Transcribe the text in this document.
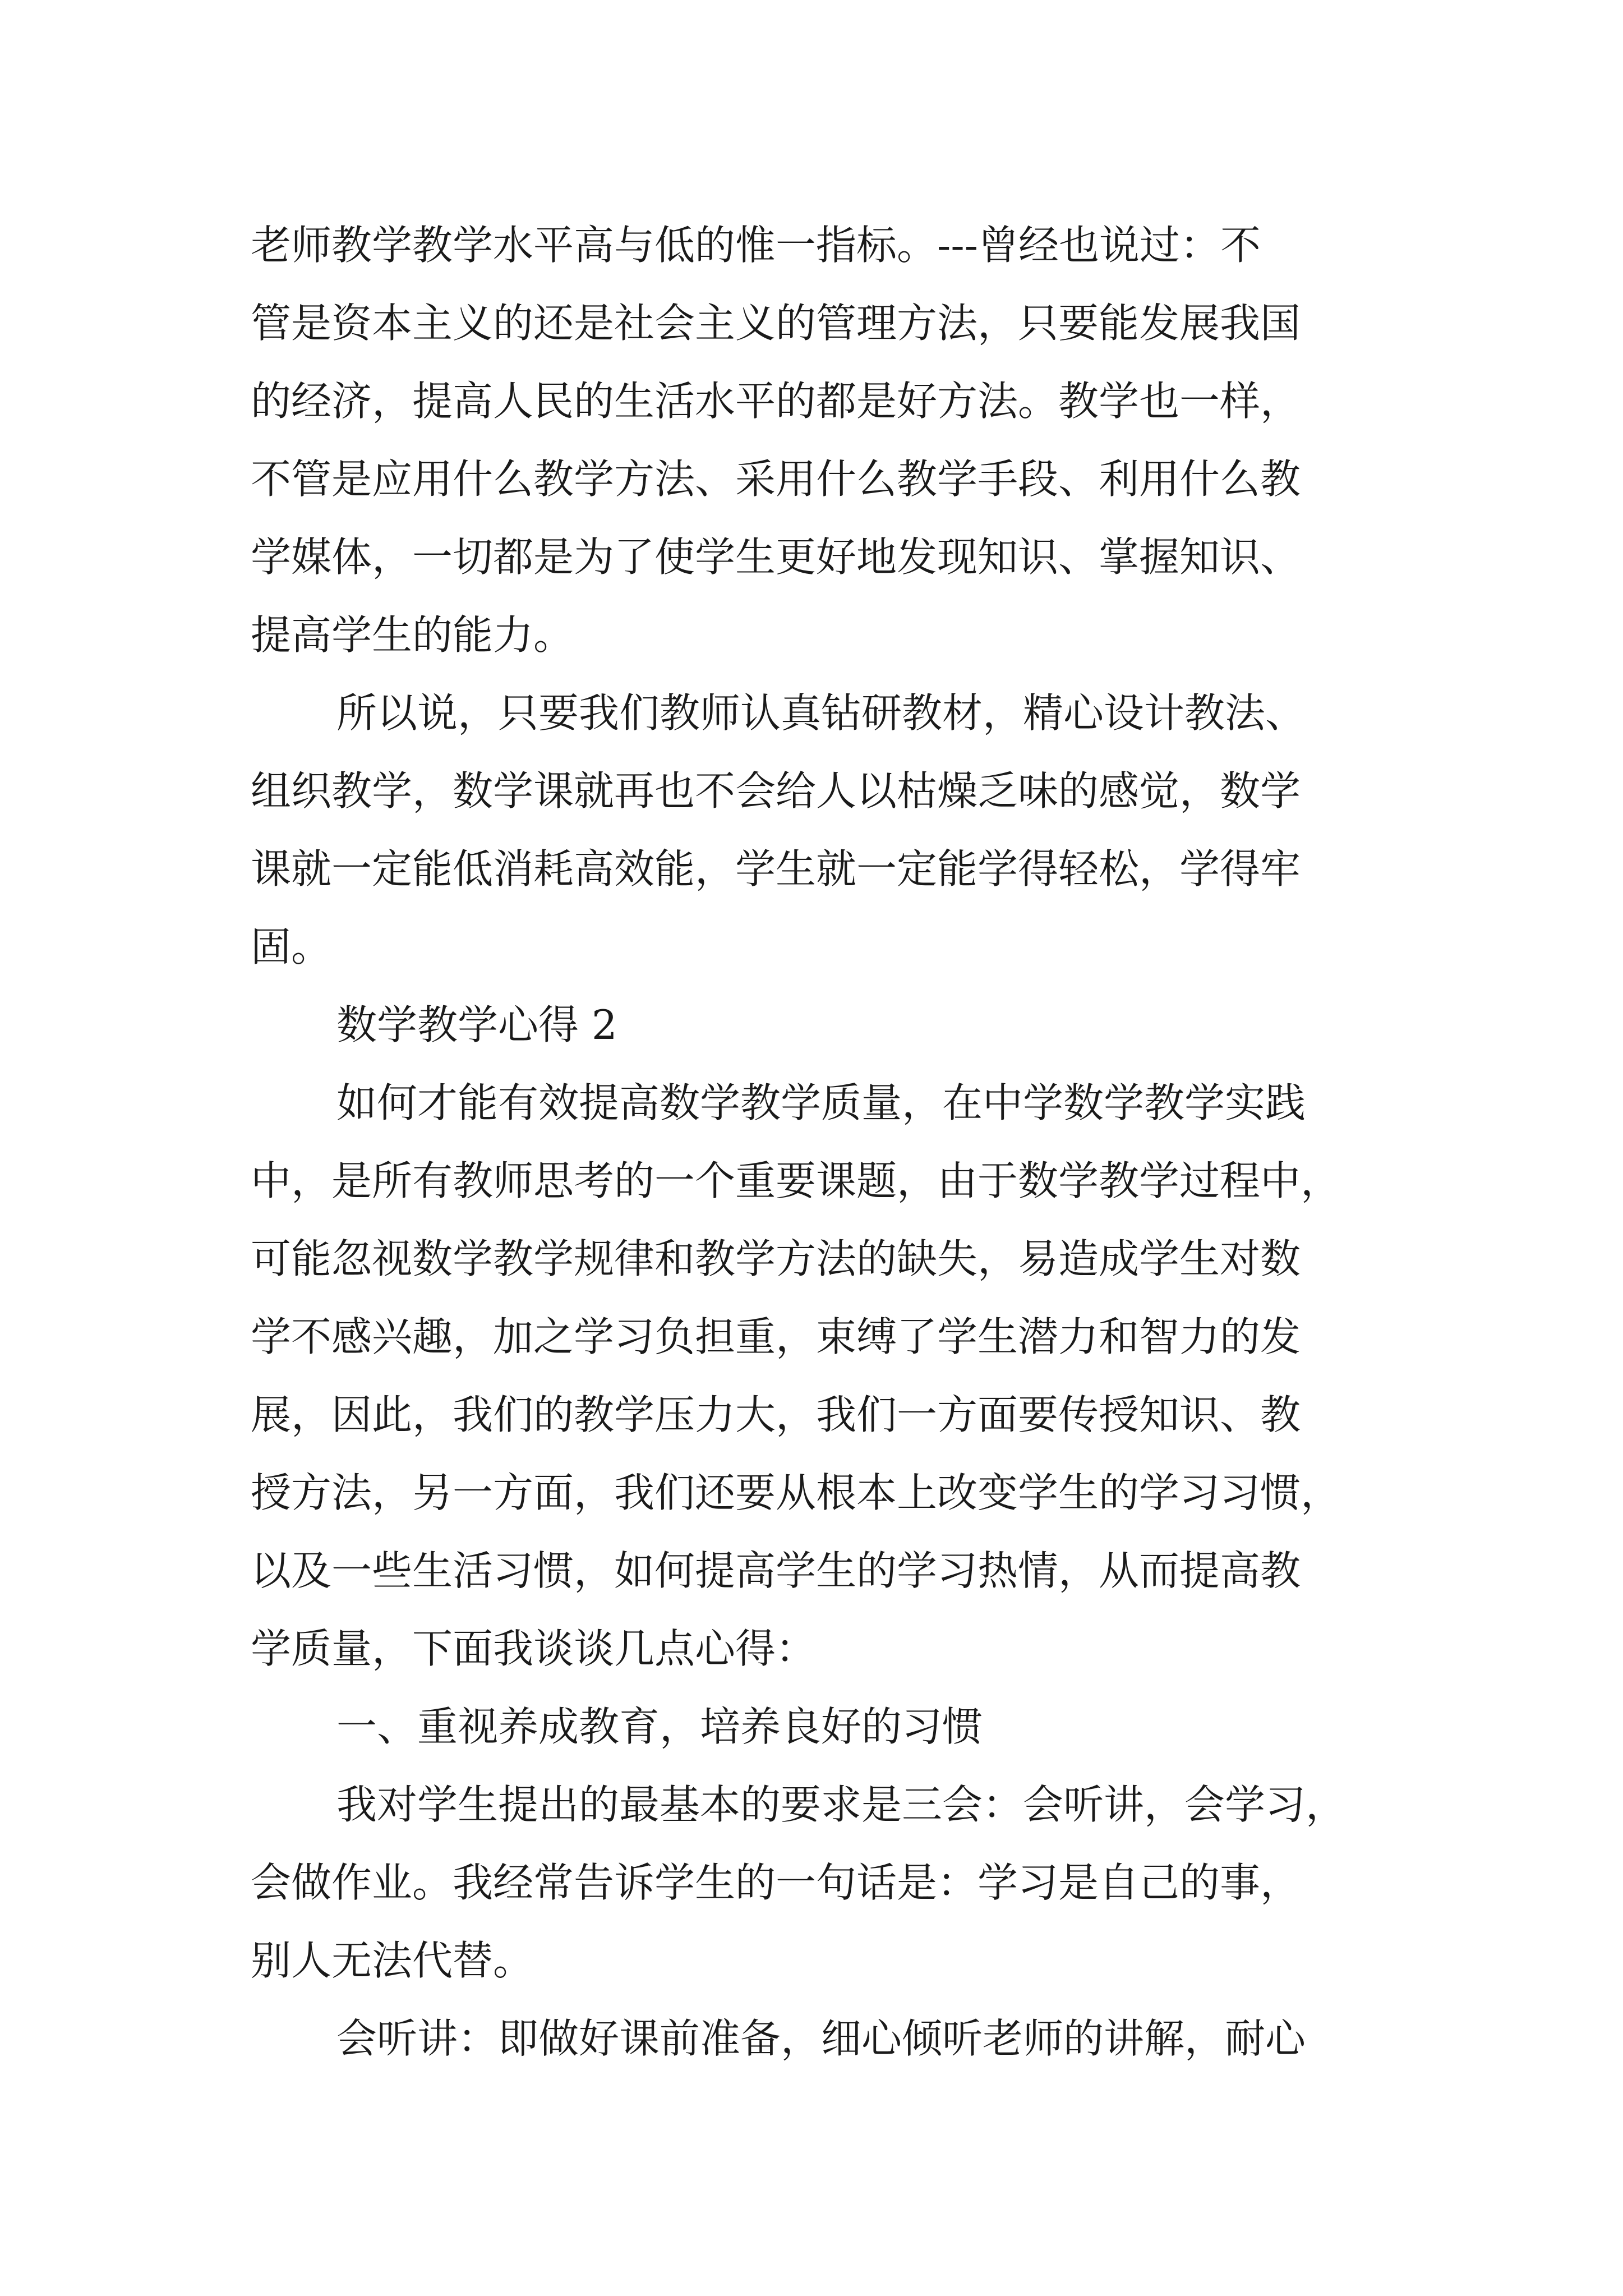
老师教学教学水平高与低的惟一指标。---曾经也说过：不
管是资本主义的还是社会主义的管理方法，只要能发展我国
的经济，提高人民的生活水平的都是好方法。教学也一样，
不管是应用什么教学方法、采用什么教学手段、利用什么教
学媒体，一切都是为了使学生更好地发现知识、掌握知识、
提高学生的能力。
所以说，只要我们教师认真钻研教材，精心设计教法、
组织教学，数学课就再也不会给人以枯燥乏味的感觉，数学
课就一定能低消耗高效能，学生就一定能学得轻松，学得牢
固。
数学教学心得 2
如何才能有效提高数学教学质量，在中学数学教学实践
中，是所有教师思考的一个重要课题，由于数学教学过程中，
可能忽视数学教学规律和教学方法的缺失，易造成学生对数
学不感兴趣，加之学习负担重，束缚了学生潜力和智力的发
展，因此，我们的教学压力大，我们一方面要传授知识、教
授方法，另一方面，我们还要从根本上改变学生的学习习惯，
以及一些生活习惯，如何提高学生的学习热情，从而提高教
学质量，下面我谈谈几点心得：
一、重视养成教育，培养良好的习惯
我对学生提出的最基本的要求是三会：会听讲，会学习，
会做作业。我经常告诉学生的一句话是：学习是自己的事，
别人无法代替。
会听讲：即做好课前准备，细心倾听老师的讲解，耐心
